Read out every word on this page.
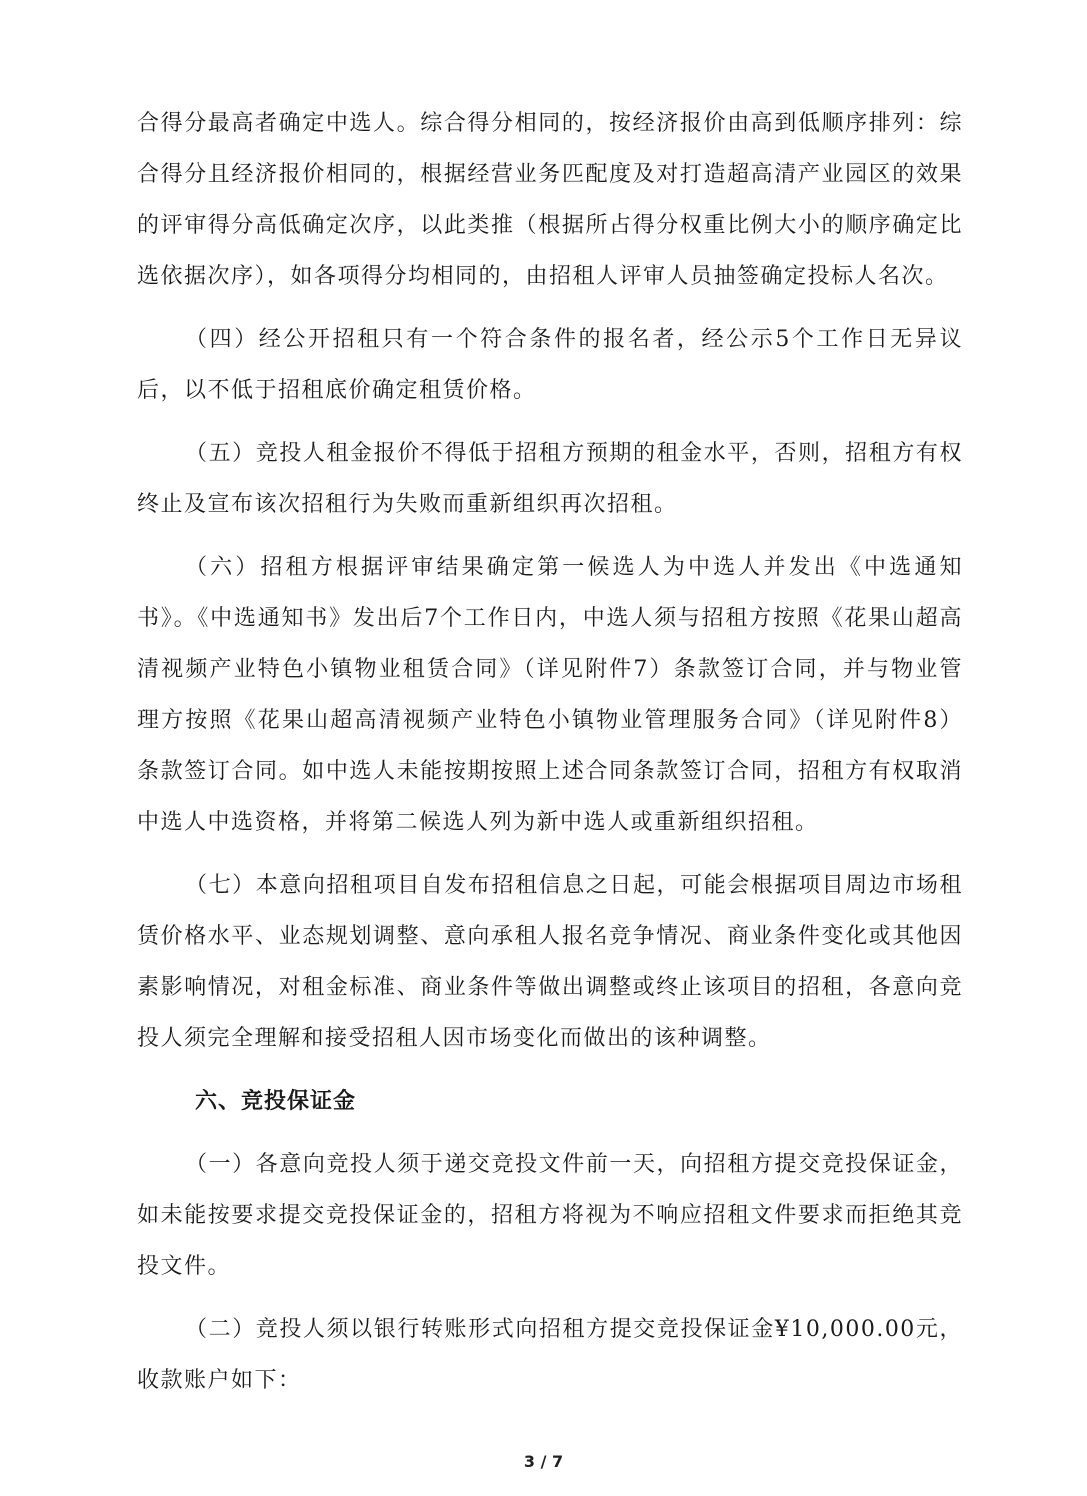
合得分最高者确定中选人。综合得分相同的，按经济报价由高到低顺序排列：综合得分且经济报价相同的，根据经营业务匹配度及对打造超高清产业园区的效果的评审得分高低确定次序，以此类推（根据所占得分权重比例大小的顺序确定比选依据次序），如各项得分均相同的，由招租人评审人员抽签确定投标人名次。

（四）经公开招租只有一个符合条件的报名者，经公示5个工作日无异议后，以不低于招租底价确定租赁价格。

（五）竞投人租金报价不得低于招租方预期的租金水平，否则，招租方有权终止及宣布该次招租行为失败而重新组织再次招租。

（六）招租方根据评审结果确定第一候选人为中选人并发出《中选通知书》。《中选通知书》发出后7个工作日内，中选人须与招租方按照《花果山超高清视频产业特色小镇物业租赁合同》（详见附件7）条款签订合同，并与物业管理方按照《花果山超高清视频产业特色小镇物业管理服务合同》（详见附件8）条款签订合同。如中选人未能按期按照上述合同条款签订合同，招租方有权取消中选人中选资格，并将第二候选人列为新中选人或重新组织招租。

（七）本意向招租项目自发布招租信息之日起，可能会根据项目周边市场租赁价格水平、业态规划调整、意向承租人报名竞争情况、商业条件变化或其他因素影响情况，对租金标准、商业条件等做出调整或终止该项目的招租，各意向竞投人须完全理解和接受招租人因市场变化而做出的该种调整。

六、竞投保证金

（一）各意向竞投人须于递交竞投文件前一天，向招租方提交竞投保证金，如未能按要求提交竞投保证金的，招租方将视为不响应招租文件要求而拒绝其竞投文件。

（二）竞投人须以银行转账形式向招租方提交竞投保证金¥10,000.00元，收款账户如下：

3 / 7
